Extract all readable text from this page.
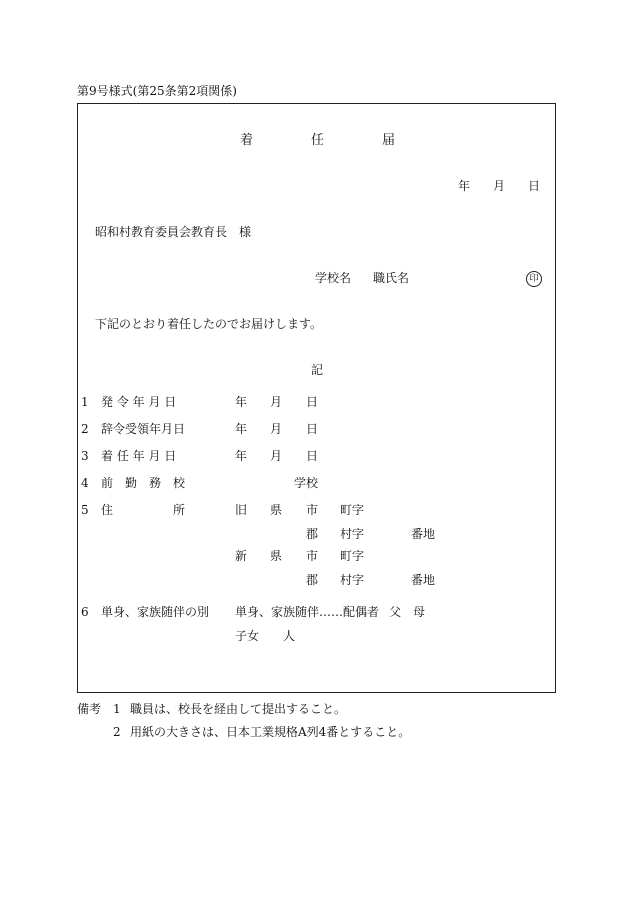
第9号様式(第25条第2項関係)
着	任	届
年 月 日
昭和村教育委員会教育長　様
学校名 職氏名	印
下記のとおり着任したのでお届けします。
記
1 発 令 年 月 日	年 月 日
2 辞令受領年月日	年 月 日
3 着 任 年 月 日	年 月 日
4 前　勤　務　校	学校
5 住　　　　　所	旧 県 市 町字
郡 村字	番地
新 県 市 町字
郡 村字	番地
6 単身、家族随伴の別 単身、家族随伴……配偶者 父 母
子女 人
備考 1 職員は、校長を経由して提出すること。
2 用紙の大きさは、日本工業規格A列4番とすること。
